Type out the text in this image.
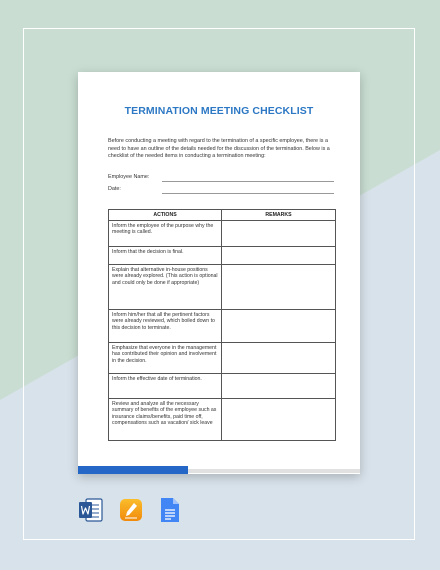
TERMINATION MEETING CHECKLIST
Before conducting a meeting with regard to the termination of a specific employee, there is a need to have an outline of the details needed for the discussion of the termination. Below is a checklist of the needed items in conducting a termination meeting:
Employee Name:
Date:
ACTIONS	REMARKS
Inform the employee of the purpose why the meeting is called.	
Inform that the decision is final.	
Explain that alternative in-house positions were already explored. (This action is optional and could only be done if appropriate)	
Inform him/her that all the pertinent factors were already reviewed, which boiled down to this decision to terminate.	
Emphasize that everyone in the management has contributed their opinion and involvement in the decision.	
Inform the effective date of termination.	
Review and analyze all the necessary summary of benefits of the employee such as insurance claims/benefits, paid time off, compensations such as vacation/ sick leave	
